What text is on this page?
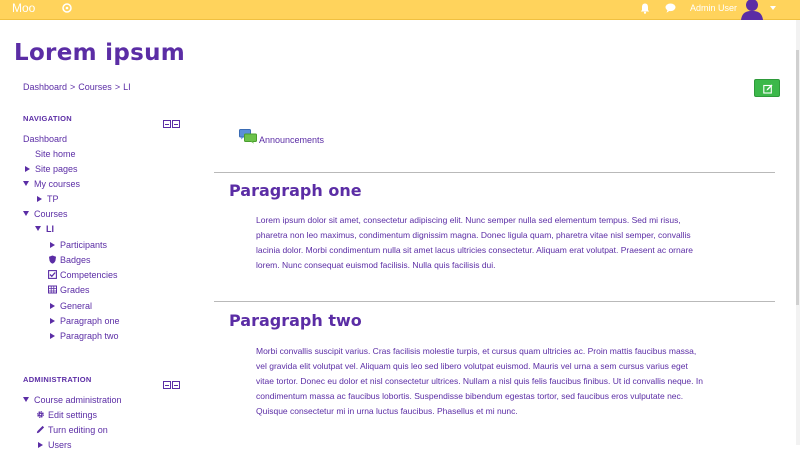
Moo	Admin User
Lorem ipsum
Dashboard > Courses > LI
NAVIGATION
Dashboard
Site home
Site pages
My courses
TP
Courses
LI
Participants
Badges
Competencies
Grades
General
Paragraph one
Paragraph two
ADMINISTRATION
Course administration
Edit settings
Turn editing on
Users
Announcements
Paragraph one

Lorem ipsum dolor sit amet, consectetur adipiscing elit. Nunc semper nulla sed elementum tempus. Sed mi risus, pharetra non leo maximus, condimentum dignissim magna. Donec ligula quam, pharetra vitae nisl semper, convallis lacinia dolor. Morbi condimentum nulla sit amet lacus ultricies consectetur. Aliquam erat volutpat. Praesent ac ornare lorem. Nunc consequat euismod facilisis. Nulla quis facilisis dui.

Paragraph two

Morbi convallis suscipit varius. Cras facilisis molestie turpis, et cursus quam ultricies ac. Proin mattis faucibus massa, vel gravida elit volutpat vel. Aliquam quis leo sed libero volutpat euismod. Mauris vel urna a sem cursus varius eget vitae tortor. Donec eu dolor et nisl consectetur ultrices. Nullam a nisl quis felis faucibus finibus. Ut id convallis neque. In condimentum massa ac faucibus lobortis. Suspendisse bibendum egestas tortor, sed faucibus eros vulputate nec. Quisque consectetur mi in urna luctus faucibus. Phasellus et mi nunc.
